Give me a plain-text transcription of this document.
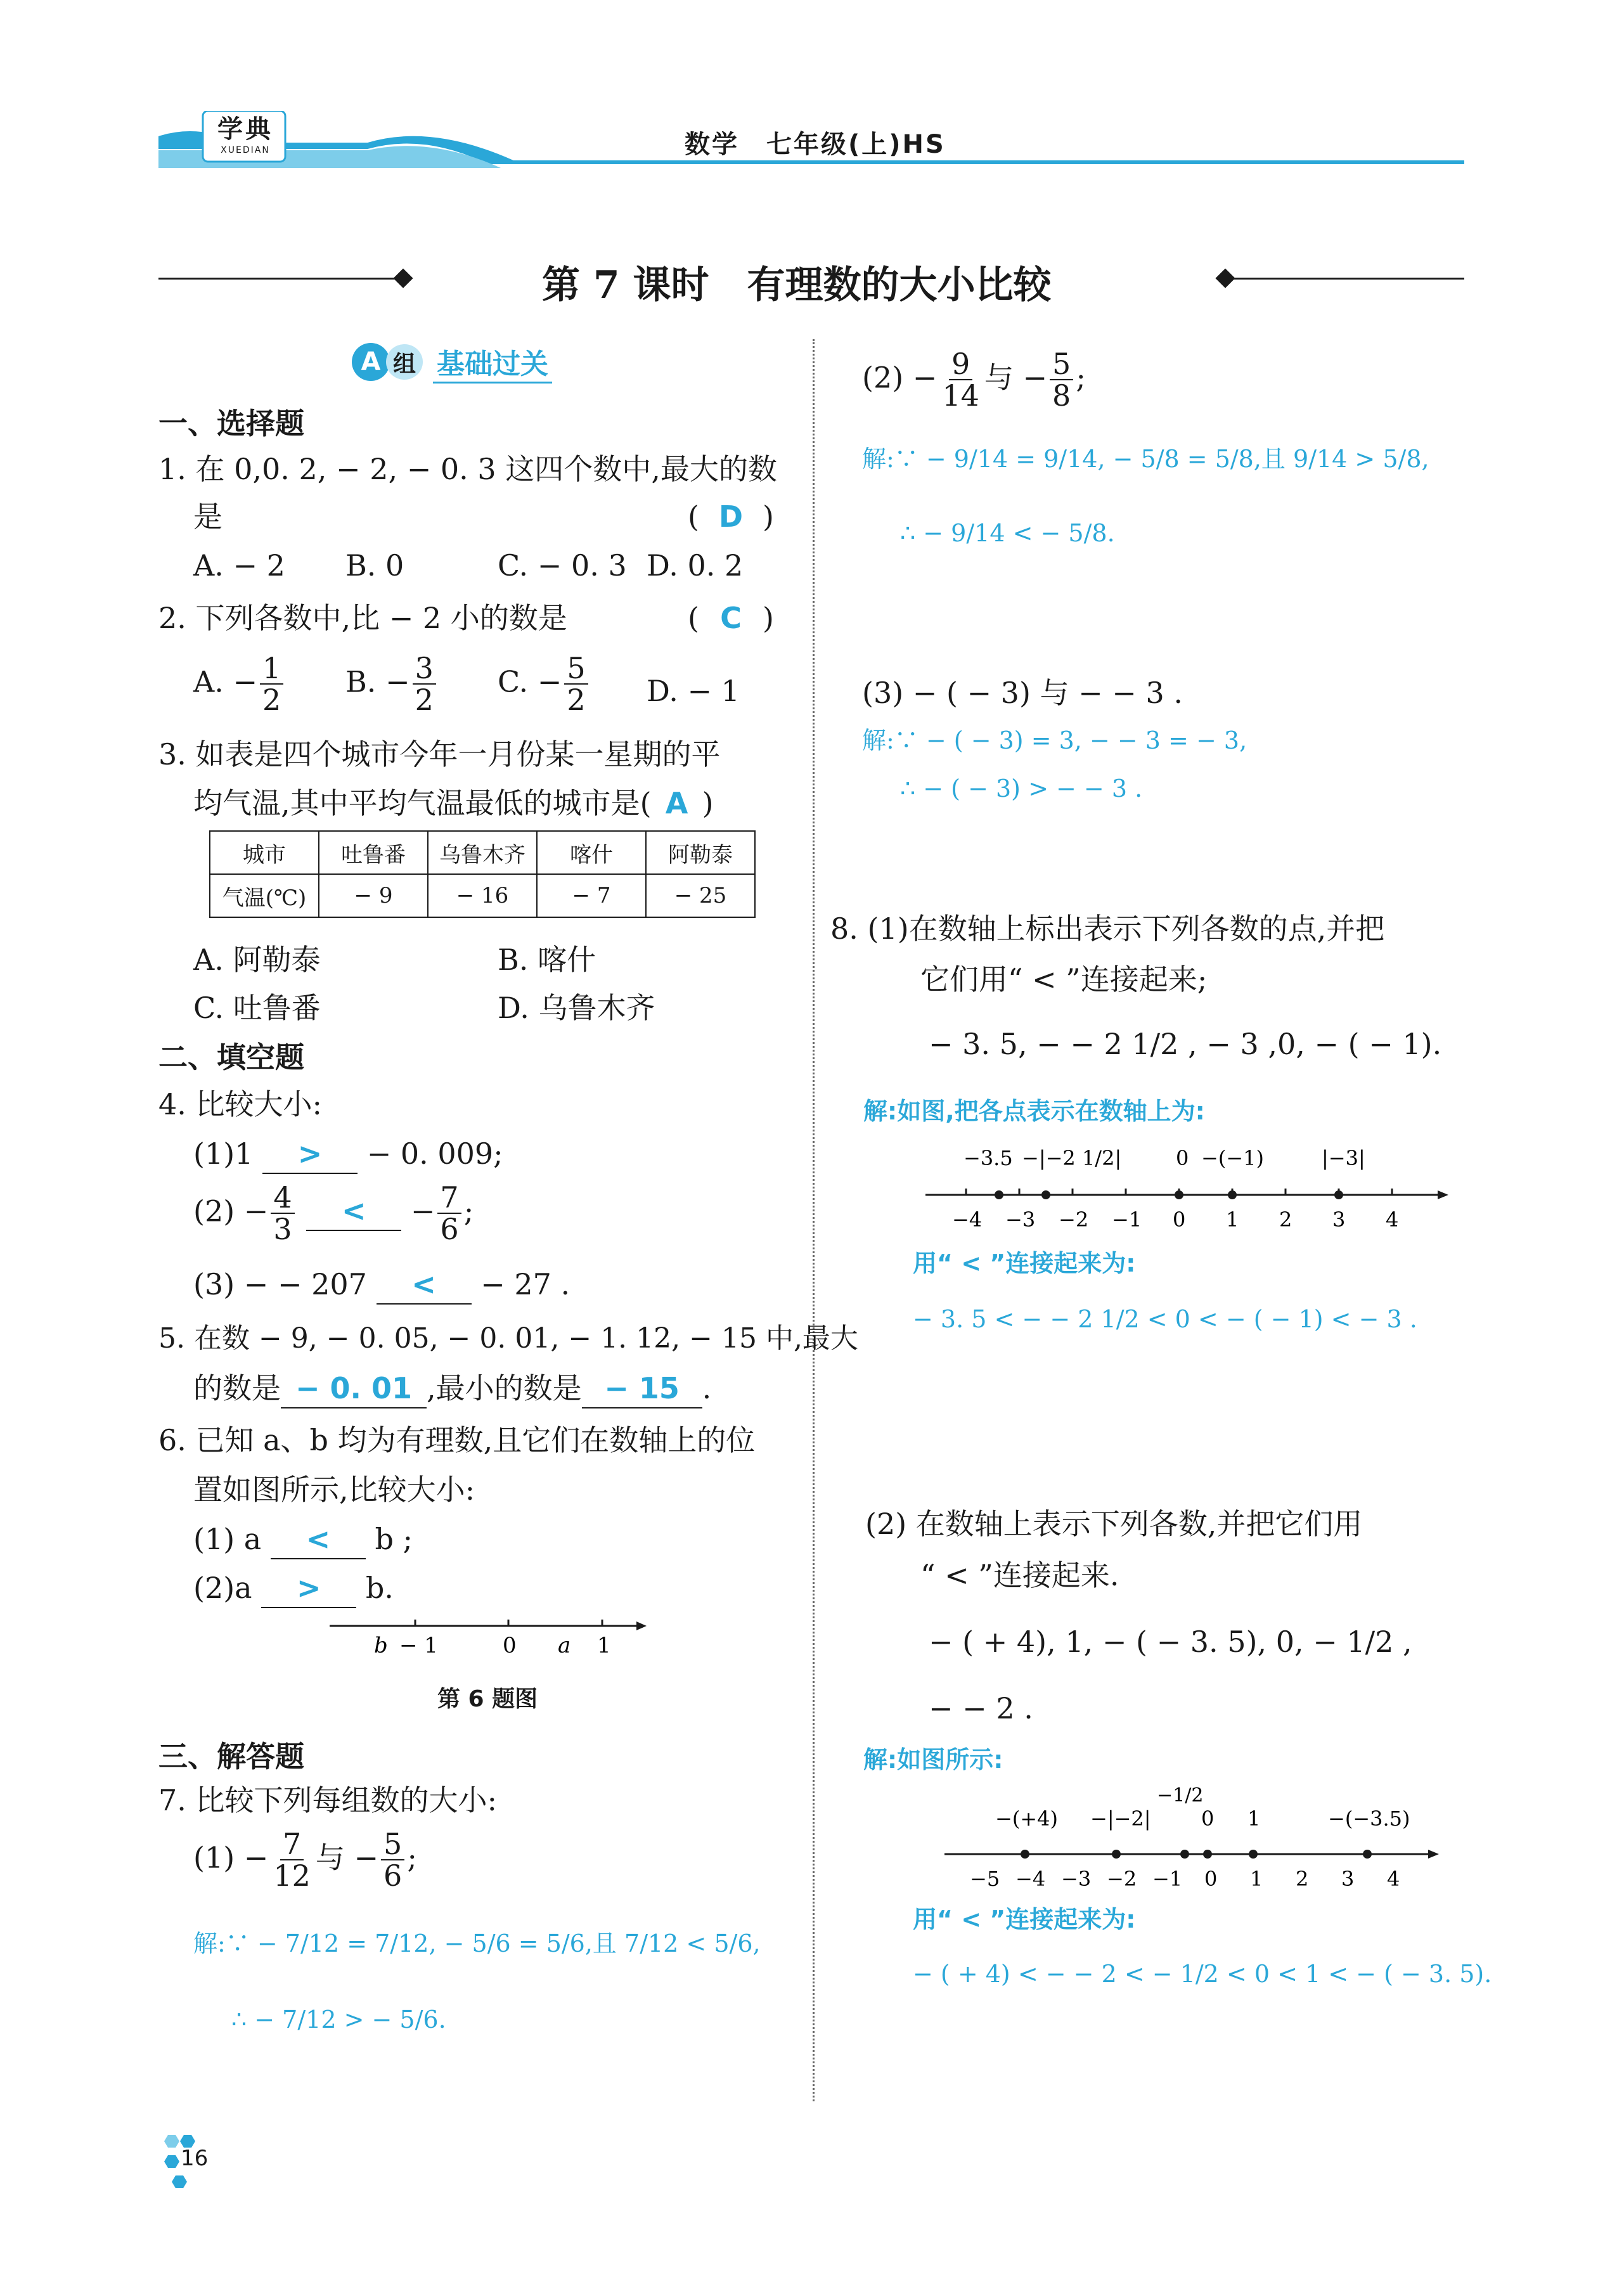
学典
XUEDIAN	数学　七年级(上)HS
第 7 课时　有理数的大小比较
A 组 基础过关
一、选择题
1. 在 0,0. 2, − 2, − 0. 3 这四个数中,最大的数
是	( D )
A. − 2 B. 0	C. − 0. 3 D. 0. 2
2. 下列各数中,比 − 2 小的数是	( C )
A. − $\frac{1}{2} B$. − $\frac{3}{2} C$. − $\frac{5}{2} D$. − 1
3. 如表是四个城市今年一月份某一星期的平
均气温,其中平均气温最低的城市是( A )
城市	吐鲁番	乌鲁木齐	喀什	阿勒泰
气温(℃)	− 9	− 16	− 7	− 25
A. 阿勒泰	B. 喀什
C. 吐鲁番	D. 乌鲁木齐
二、填空题
4. 比较大小:
(1)1 > − 0. 009;
$(2) - \frac{4}{3}$ < − $\frac{7}{6}$ ;
(3) − − 207 < − 27 .
5. 在数 − 9, − 0. 05, − 0. 01, − 1. 12, − 15 中,最大
的数是 − 0. 01 ,最小的数是 − 15 .
6. 已知 a、b 均为有理数,且它们在数轴上的位
置如图所示,比较大小:
(1) a < b ;
(2)a > b.
b − 1	0 a 1
第 6 题图
三、解答题
7. 比较下列每组数的大小:
$(1) - \frac{7}{12}$ 与 − $\frac{5}{6}$ ;
解:∵ − 7/12 = 7/12, − 5/6 = 5/6,且 7/12 < 5/6,
∴ − 7/12 > − 5/6.
16
$(2) - \frac{9}{14}$ 与 − $\frac{5}{8}$ ;
解:∵ − 9/14 = 9/14, − 5/8 = 5/8,且 9/14 > 5/8,
∴ − 9/14 < − 5/8.
(3) − ( − 3) 与 − − 3 .
解:∵ − ( − 3) = 3, − − 3 = − 3,
∴ − ( − 3) > − − 3 .
8. (1)在数轴上标出表示下列各数的点,并把
它们用“ < ”连接起来;
− 3. 5, − − 2 1/2 , − 3 ,0, − ( − 1).
解:如图,把各点表示在数轴上为:
−3.5 −|−2 1/2|	0 −(−1)	|−3|
−4 −3 −2 −1 0 1 2 3 4
用“ < ”连接起来为:
− 3. 5 < − − 2 1/2 < 0 < − ( − 1) < − 3 .
(2) 在数轴上表示下列各数,并把它们用
“ < ”连接起来.
− ( + 4), 1, − ( − 3. 5), 0, − 1/2 ,
− − 2 .
解:如图所示:
−(+4) −|−2|
−1/2
0 1	−(−3.5)
−5 −4 −3 −2 −1 0 1 2 3 4
用“ < ”连接起来为:
− ( + 4) < − − 2 < − 1/2 < 0 < 1 < − ( − 3. 5).
